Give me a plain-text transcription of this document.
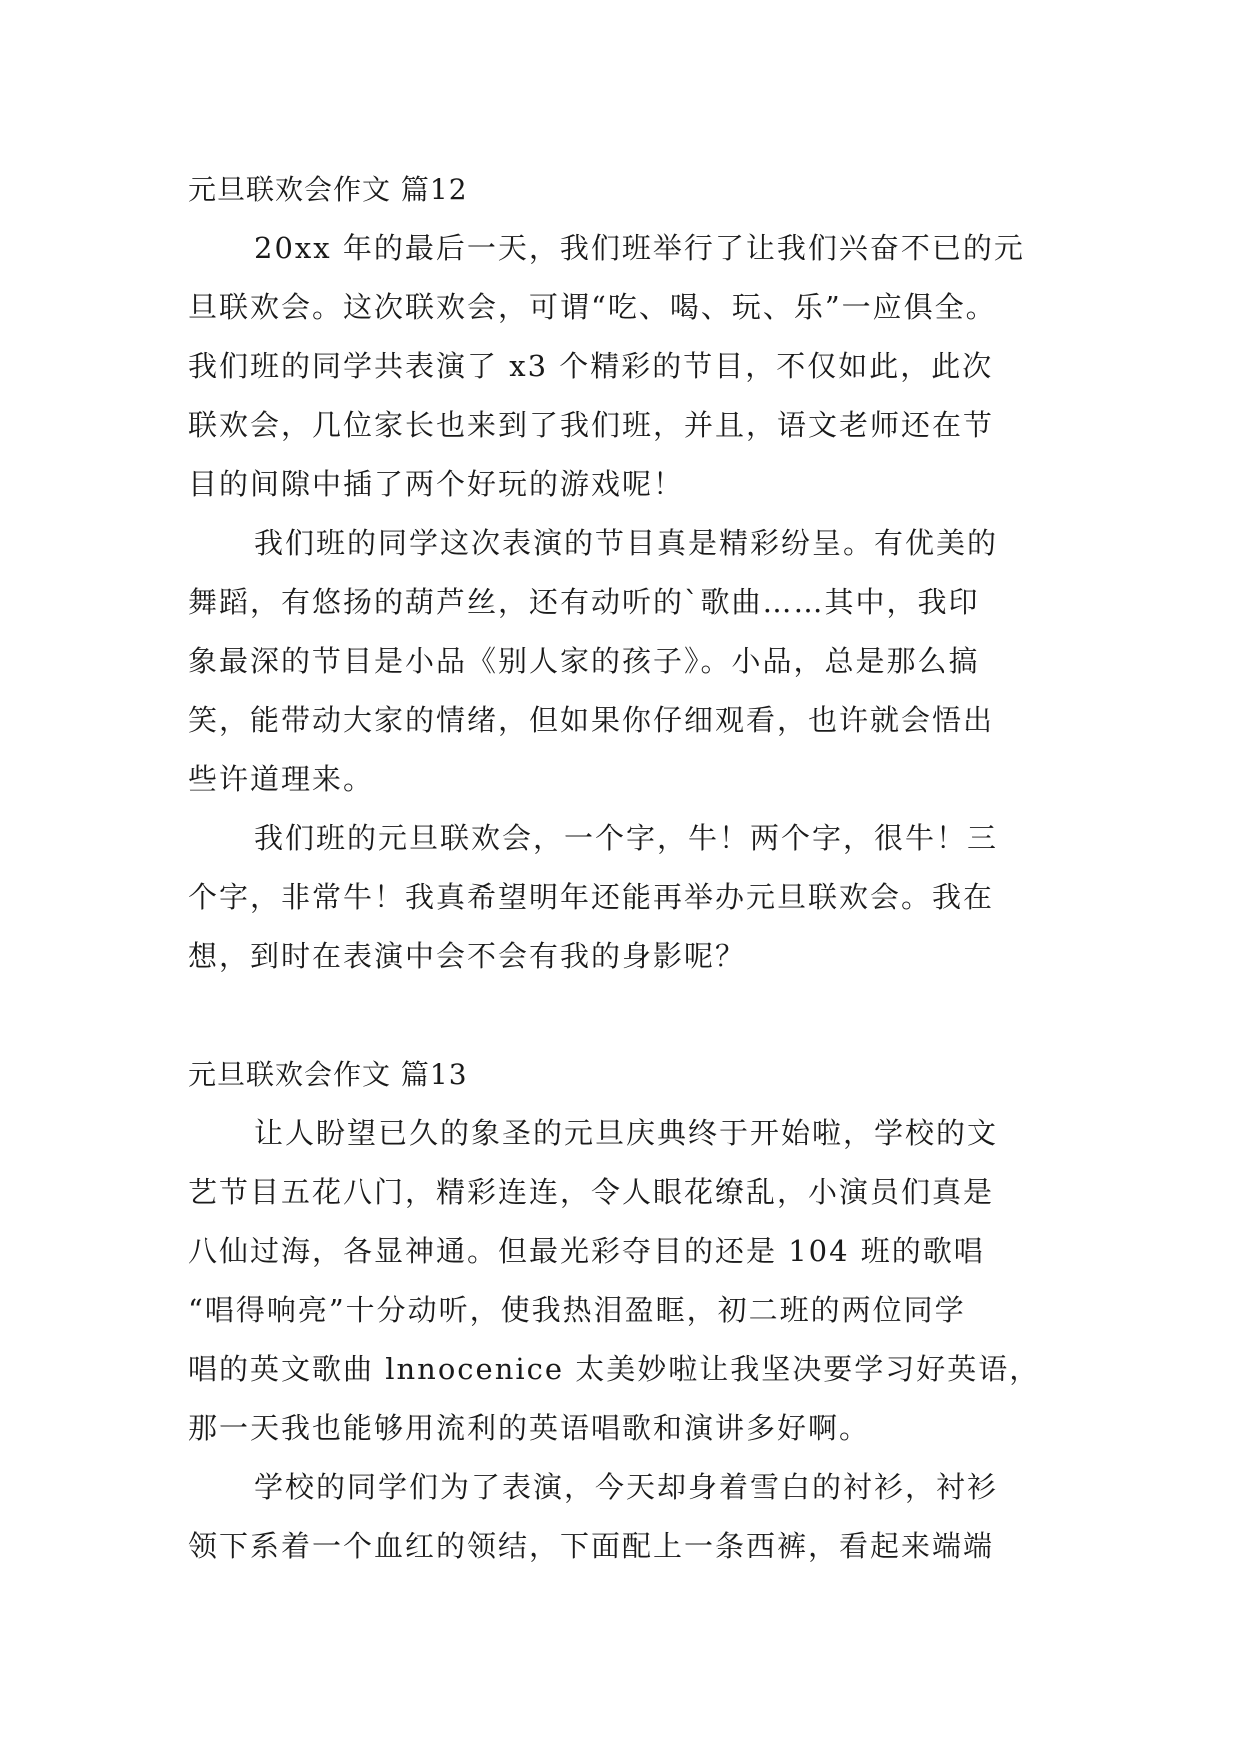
元旦联欢会作文 篇12
20xx 年的最后一天，我们班举行了让我们兴奋不已的元
旦联欢会。这次联欢会，可谓“吃、喝、玩、乐”一应俱全。
我们班的同学共表演了 x3 个精彩的节目，不仅如此，此次
联欢会，几位家长也来到了我们班，并且，语文老师还在节
目的间隙中插了两个好玩的游戏呢！
我们班的同学这次表演的节目真是精彩纷呈。有优美的
舞蹈，有悠扬的葫芦丝，还有动听的`歌曲……其中，我印
象最深的节目是小品《别人家的孩子》。小品，总是那么搞
笑，能带动大家的情绪，但如果你仔细观看，也许就会悟出
些许道理来。
我们班的元旦联欢会，一个字，牛！两个字，很牛！三
个字，非常牛！我真希望明年还能再举办元旦联欢会。我在
想，到时在表演中会不会有我的身影呢？
元旦联欢会作文 篇13
让人盼望已久的象圣的元旦庆典终于开始啦，学校的文
艺节目五花八门，精彩连连，令人眼花缭乱，小演员们真是
八仙过海，各显神通。但最光彩夺目的还是 104 班的歌唱
“唱得响亮”十分动听，使我热泪盈眶，初二班的两位同学
唱的英文歌曲 lnnocenice 太美妙啦让我坚决要学习好英语，
那一天我也能够用流利的英语唱歌和演讲多好啊。
学校的同学们为了表演，今天却身着雪白的衬衫，衬衫
领下系着一个血红的领结，下面配上一条西裤，看起来端端
